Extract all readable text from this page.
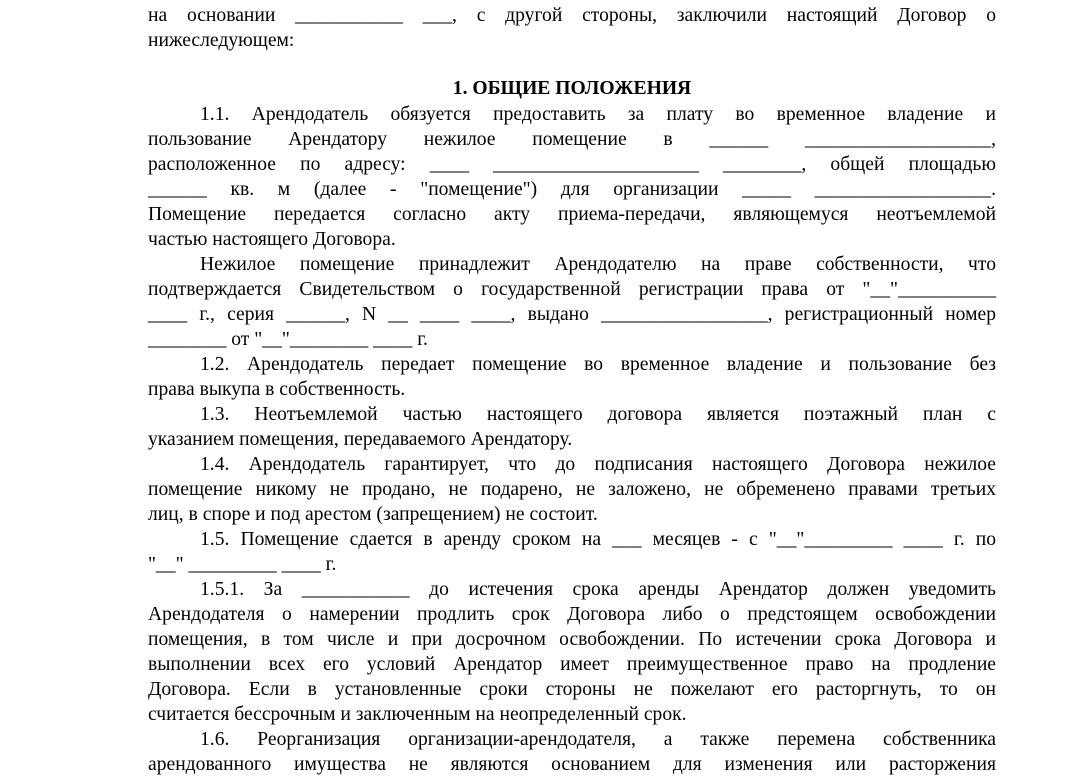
на основании ___________ ___, с другой стороны, заключили настоящий Договор о
нижеследующем:
1. ОБЩИЕ ПОЛОЖЕНИЯ
1.1. Арендодатель обязуется предоставить за плату во временное владение и
пользование Арендатору нежилое помещение в ______ ___________________,
расположенное по адресу: ____ _____________________ ________, общей площадью
______ кв. м (далее - "помещение") для организации _____ __________________.
Помещение передается согласно акту приема-передачи, являющемуся неотъемлемой
частью настоящего Договора.
Нежилое помещение принадлежит Арендодателю на праве собственности, что
подтверждается Свидетельством о государственной регистрации права от "__"__________
____ г., серия ______, N __ ____ ____, выдано _________________, регистрационный номер
________ от "__"________ ____ г.
1.2. Арендодатель передает помещение во временное владение и пользование без
права выкупа в собственность.
1.3. Неотъемлемой частью настоящего договора является поэтажный план с
указанием помещения, передаваемого Арендатору.
1.4. Арендодатель гарантирует, что до подписания настоящего Договора нежилое
помещение никому не продано, не подарено, не заложено, не обременено правами третьих
лиц, в споре и под арестом (запрещением) не состоит.
1.5. Помещение сдается в аренду сроком на ___ месяцев - с "__"_________ ____ г. по
"__" _________ ____ г.
1.5.1. За ___________ до истечения срока аренды Арендатор должен уведомить
Арендодателя о намерении продлить срок Договора либо о предстоящем освобождении
помещения, в том числе и при досрочном освобождении. По истечении срока Договора и
выполнении всех его условий Арендатор имеет преимущественное право на продление
Договора. Если в установленные сроки стороны не пожелают его расторгнуть, то он
считается бессрочным и заключенным на неопределенный срок.
1.6. Реорганизация организации-арендодателя, а также перемена собственника
арендованного имущества не являются основанием для изменения или расторжения
